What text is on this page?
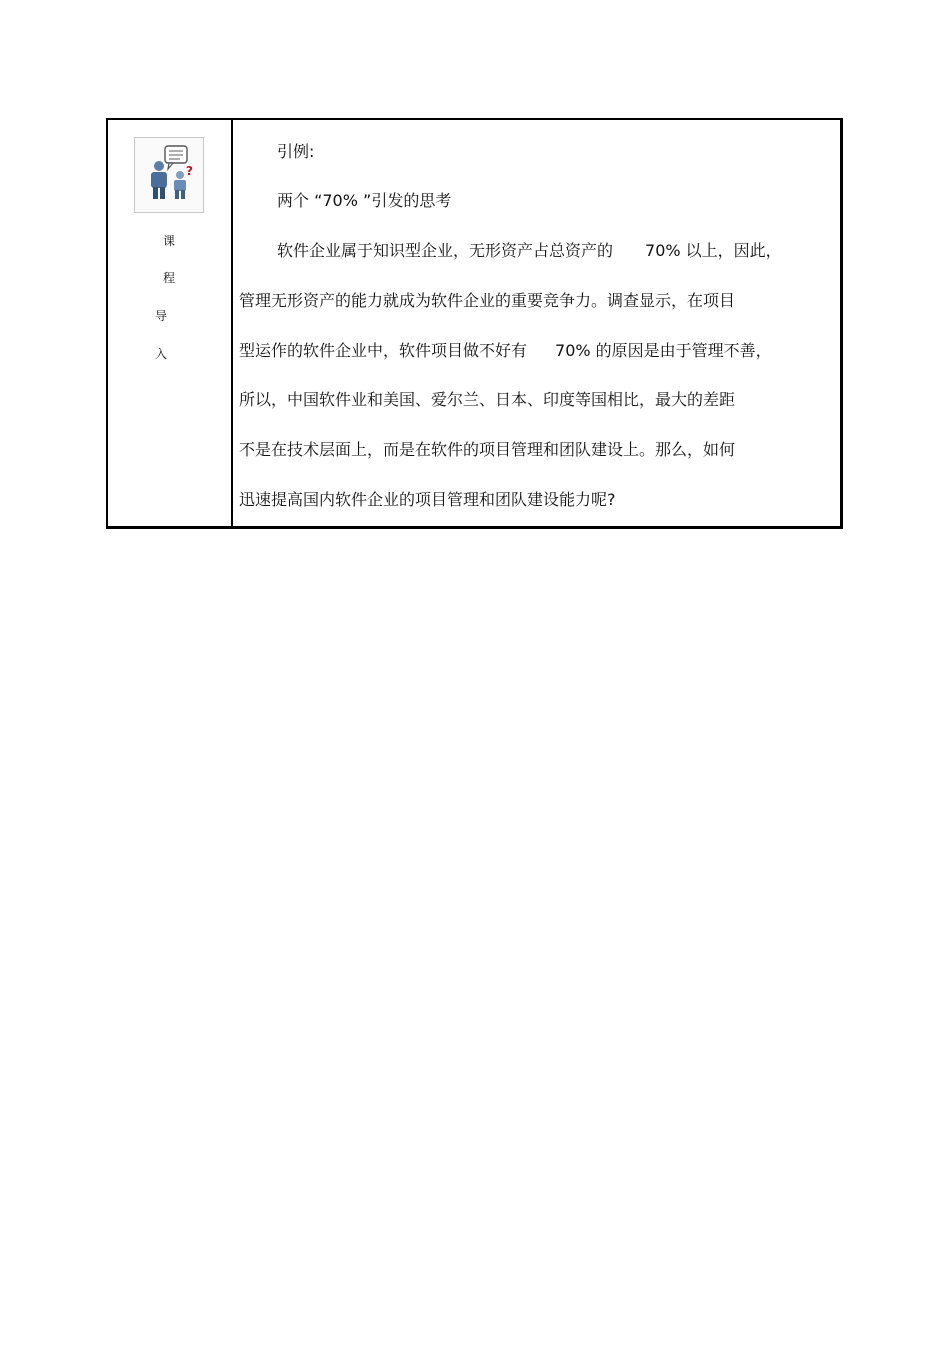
?
课
程
导
入
引例:
两个 “70% ”引发的思考
软件企业属于知识型企业，无形资产占总资产的 70% 以上，因此，
管理无形资产的能力就成为软件企业的重要竞争力。调查显示，在项目
型运作的软件企业中，软件项目做不好有 70% 的原因是由于管理不善，
所以，中国软件业和美国、爱尔兰、日本、印度等国相比，最大的差距
不是在技术层面上，而是在软件的项目管理和团队建设上。那么，如何
迅速提高国内软件企业的项目管理和团队建设能力呢?
